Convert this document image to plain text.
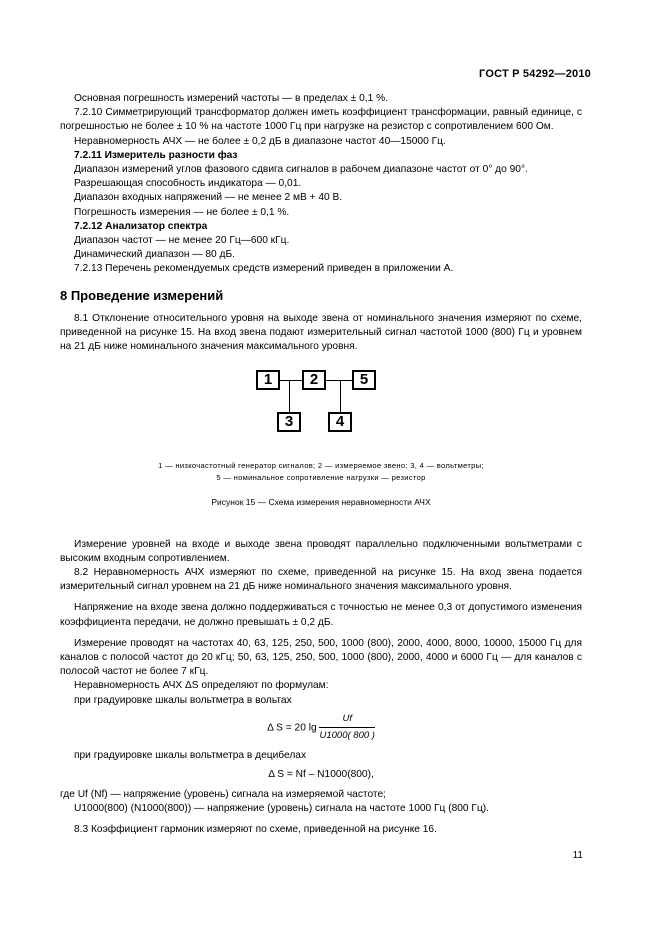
ГОСТ Р 54292—2010

Основная погрешность измерений частоты — в пределах ± 0,1 %.

7.2.10 Симметрирующий трансформатор должен иметь коэффициент трансформации, равный единице, с погрешностью не более ± 10 % на частоте 1000 Гц при нагрузке на резистор с сопротивлением 600 Ом.

Неравномерность АЧХ — не более ± 0,2 дБ в диапазоне частот 40—15000 Гц.

7.2.11 Измеритель разности фаз

Диапазон измерений углов фазового сдвига сигналов в рабочем диапазоне частот от 0° до 90°.

Разрешающая способность индикатора — 0,01.

Диапазон входных напряжений — не менее 2 мВ + 40 В.

Погрешность измерения — не более ± 0,1 %.

7.2.12 Анализатор спектра

Диапазон частот — не менее 20 Гц—600 кГц.

Динамический диапазон — 80 дБ.

7.2.13 Перечень рекомендуемых средств измерений приведен в приложении А.

8 Проведение измерений

8.1 Отклонение относительного уровня на выходе звена от номинального значения измеряют по схеме, приведенной на рисунке 15. На вход звена подают измерительный сигнал частотой 1000 (800) Гц и уровнем на 21 дБ ниже номинального значения максимального уровня.

1	2	5
3	4
1 — низкочастотный генератор сигналов; 2 — измеряемое звено; 3, 4 — вольтметры;
5 — номинальное сопротивление нагрузки — резистор
Рисунок 15 — Схема измерения неравномерности АЧХ

Измерение уровней на входе и выходе звена проводят параллельно подключенными вольтметрами с высоким входным сопротивлением.

8.2 Неравномерность АЧХ измеряют по схеме, приведенной на рисунке 15. На вход звена подается измерительный сигнал уровнем на 21 дБ ниже номинального значения максимального уровня.

Напряжение на входе звена должно поддерживаться с точностью не менее 0,3 от допустимого изменения коэффициента передачи, не должно превышать ± 0,2 дБ.

Измерение проводят на частотах 40, 63, 125, 250, 500, 1000 (800), 2000, 4000, 8000, 10000, 15000 Гц для каналов с полосой частот до 20 кГц; 50, 63, 125, 250, 500, 1000 (800), 2000, 4000 и 6000 Гц — для каналов с полосой частот не более 7 кГц.

Неравномерность АЧХ ΔS определяют по формулам:

при градуировке шкалы вольтметра в вольтах

Δ S = 20 $\lg \frac{Uf}{U1000( 800 )}$

при градуировке шкалы вольтметра в децибелах

Δ S = Nf – N1000(800),

где Uf (Nf) — напряжение (уровень) сигнала на измеряемой частоте;

U1000(800) (N1000(800)) — напряжение (уровень) сигнала на частоте 1000 Гц (800 Гц).

8.3 Коэффициент гармоник измеряют по схеме, приведенной на рисунке 16.

11
